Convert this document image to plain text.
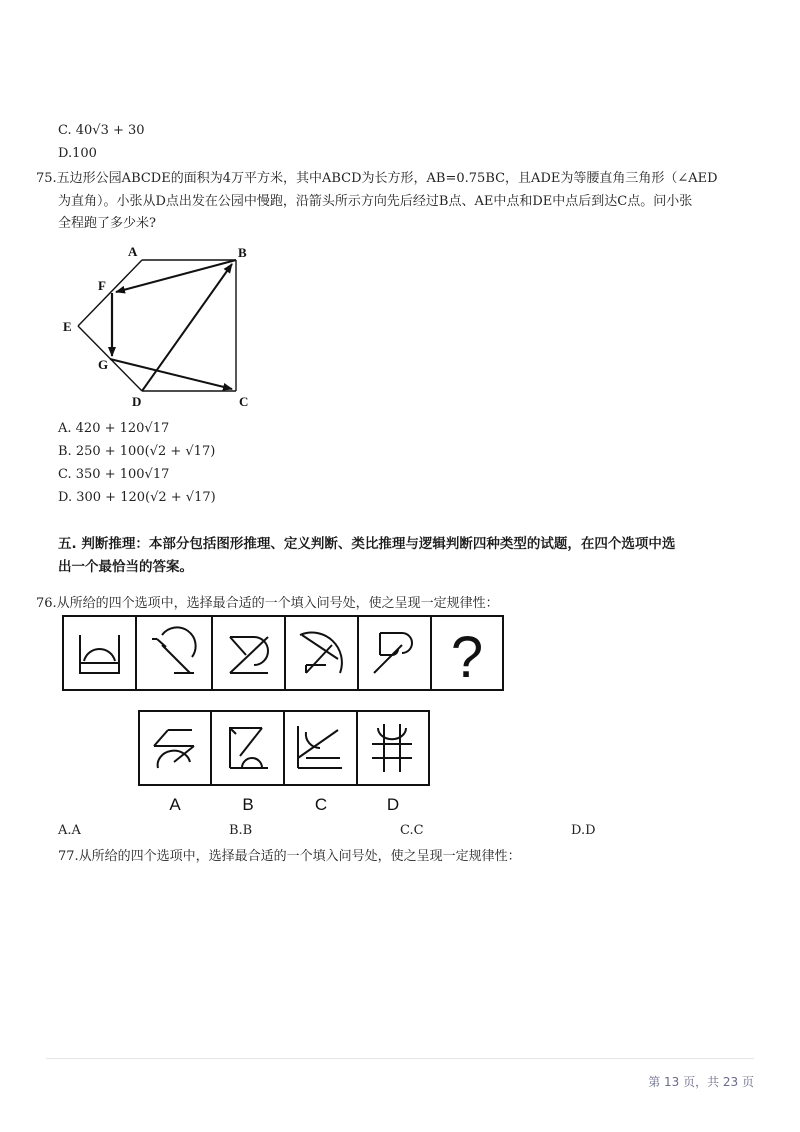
C. 40√3 + 30
D.100
75.五边形公园ABCDE的面积为4万平方米，其中ABCD为长方形，AB=0.75BC，且ADE为等腰直角三角形（∠AED
为直角）。小张从D点出发在公园中慢跑，沿箭头所示方向先后经过B点、AE中点和DE中点后到达C点。问小张
全程跑了多少米?
A	B
F
E
G
D	C
A. 420 + 120√17
B. 250 + 100(√2 + √17)
C. 350 + 100√17
D. 300 + 120(√2 + √17)
五. 判断推理：本部分包括图形推理、定义判断、类比推理与逻辑判断四种类型的试题，在四个选项中选
出一个最恰当的答案。
76.从所给的四个选项中，选择最合适的一个填入问号处，使之呈现一定规律性：
?
A	B	C	D
A.A	B.B	C.C	D.D
77.从所给的四个选项中，选择最合适的一个填入问号处，使之呈现一定规律性：
第 13 页，共 23 页
